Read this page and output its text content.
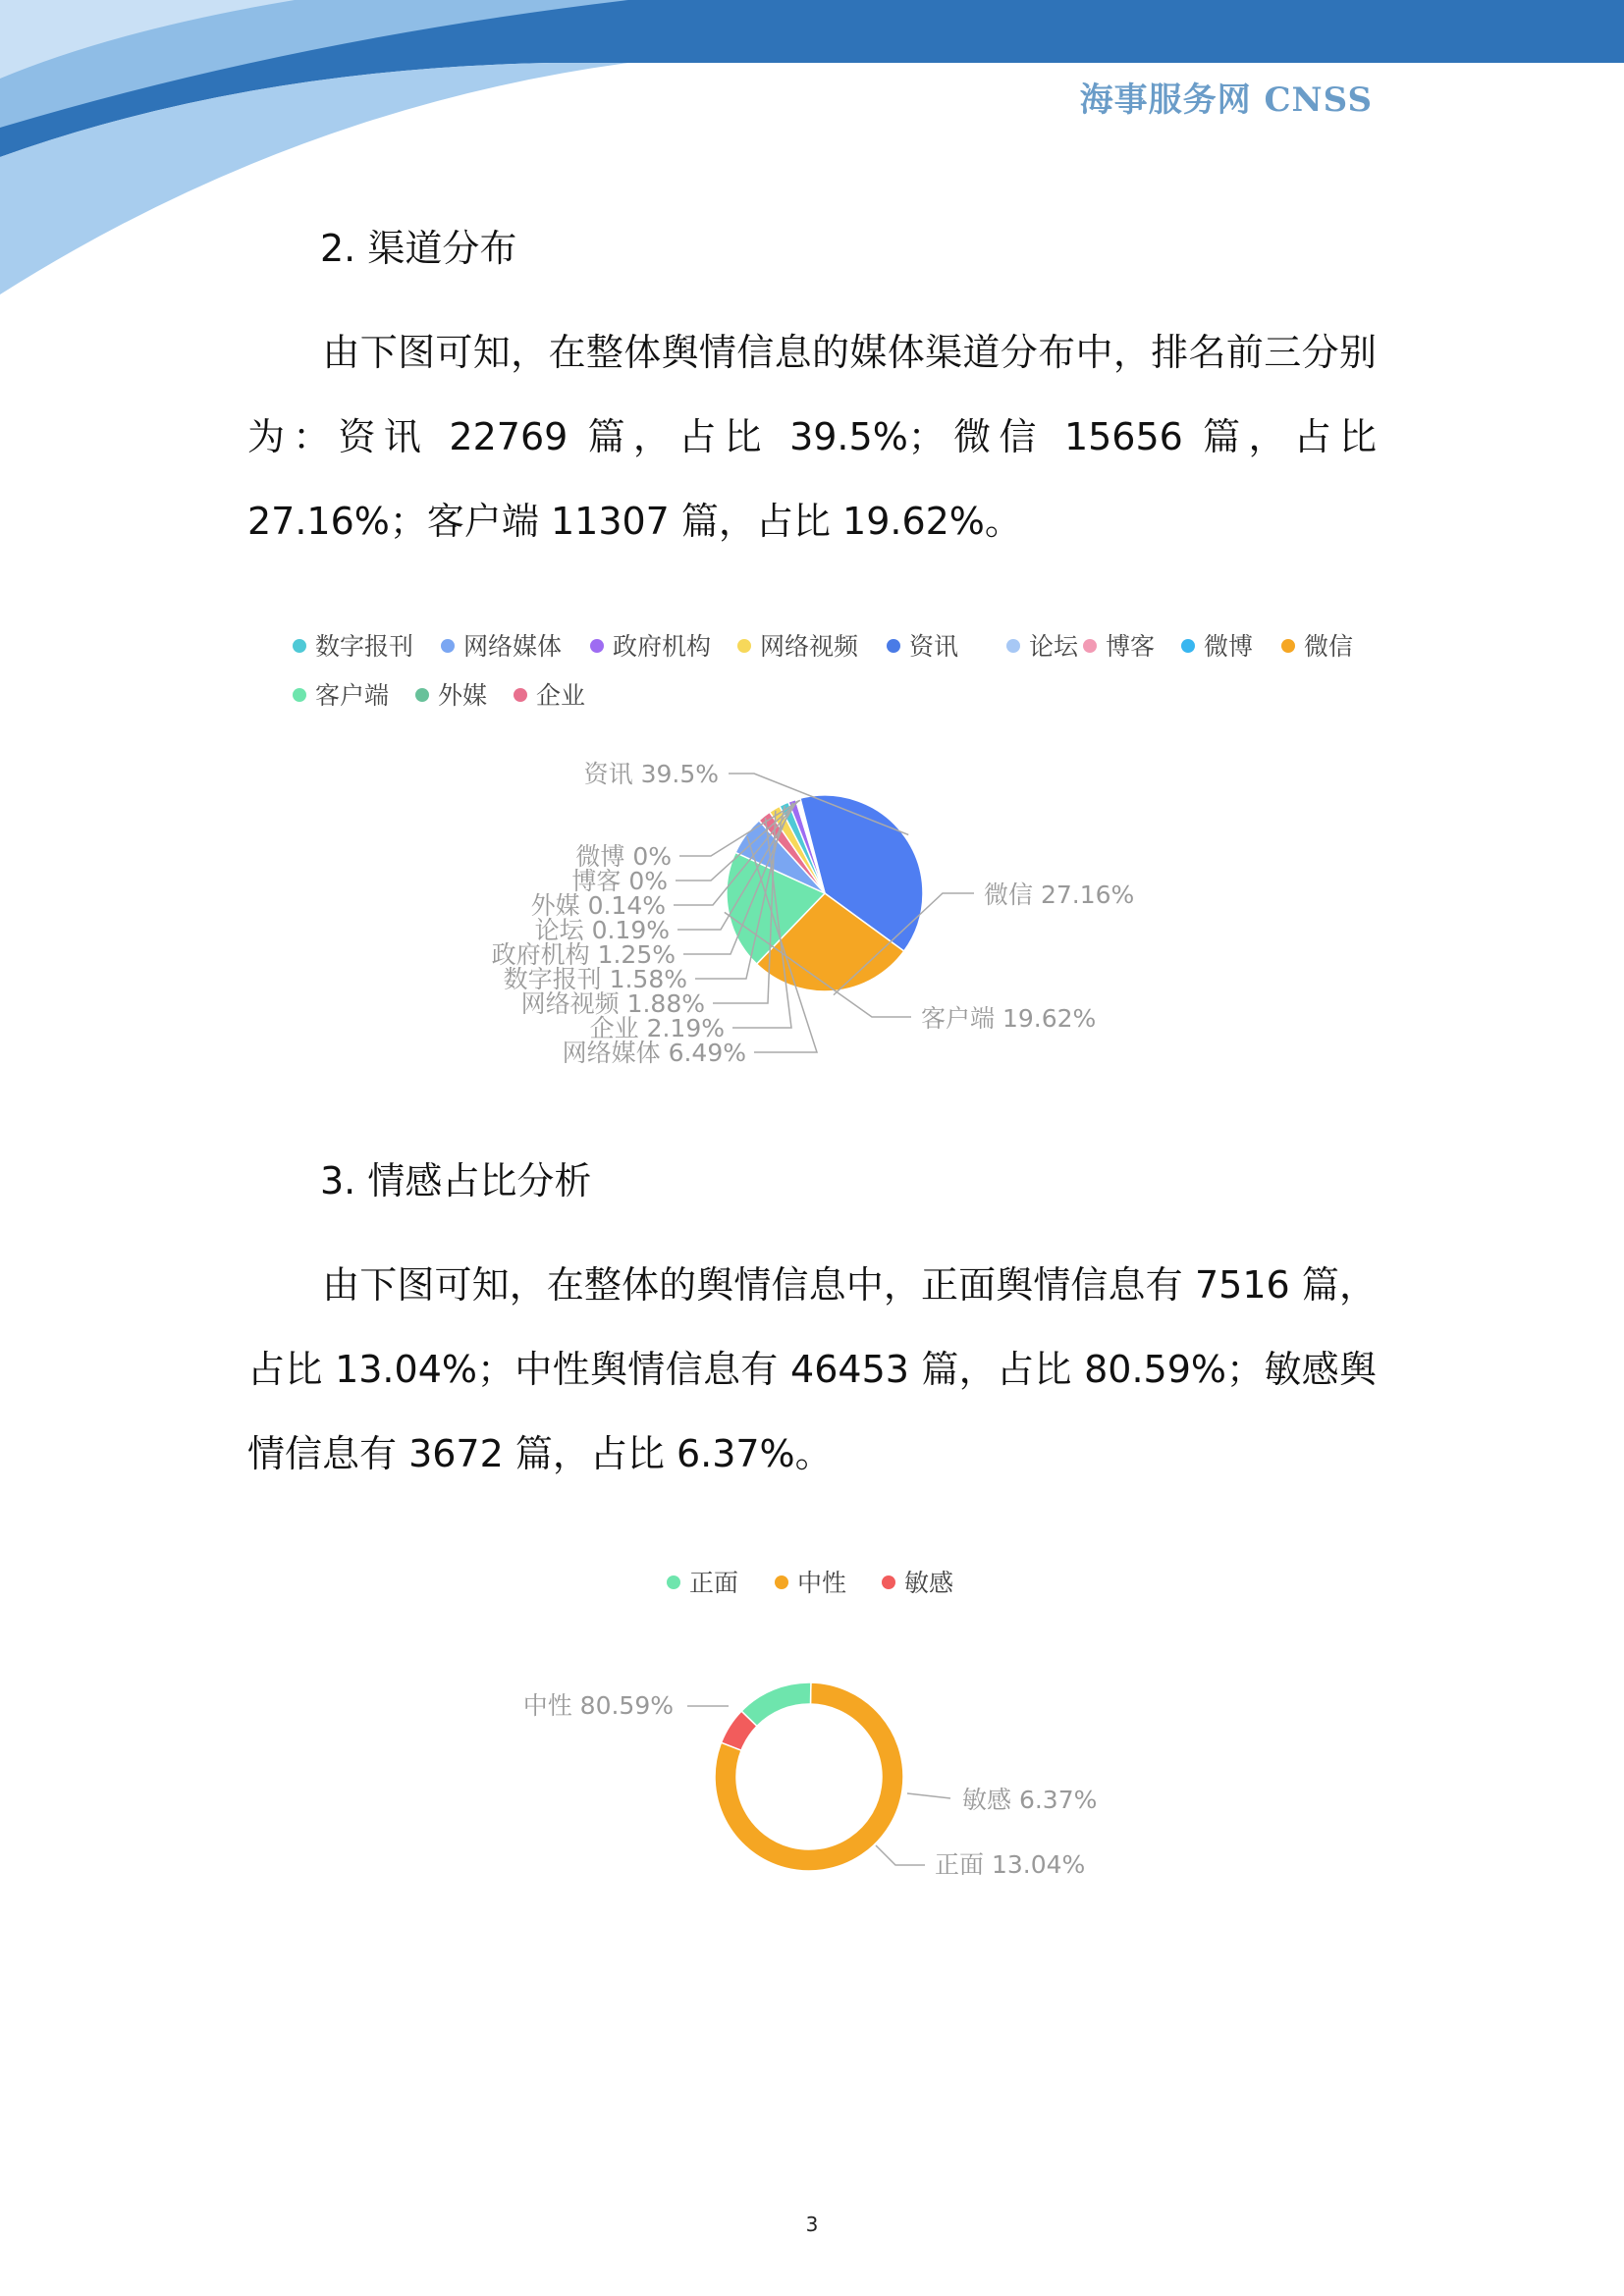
海事服务网 CNSS
2. 渠道分布
由下图可知，在整体舆情信息的媒体渠道分布中，排名前三分别为：资讯 22769 篇，占比 39.5%；微信 15656 篇，占比 27.16%；客户端 11307 篇，占比 19.62%。
数字报刊 网络媒体 政府机构 网络视频 资讯	论坛 博客 微博 微信
客户端 外媒 企业
资讯 39.5%
微信 27.16%
客户端 19.62%
微博 0%
博客 0%
外媒 0.14%
论坛 0.19%
政府机构 1.25%
数字报刊 1.58%
网络视频 1.88%
企业 2.19%
网络媒体 6.49%
3. 情感占比分析
由下图可知，在整体的舆情信息中，正面舆情信息有 7516 篇，占比 13.04%；中性舆情信息有 46453 篇，占比 80.59%；敏感舆情信息有 3672 篇，占比 6.37%。
正面 中性 敏感
中性 80.59%
敏感 6.37%
正面 13.04%
3
